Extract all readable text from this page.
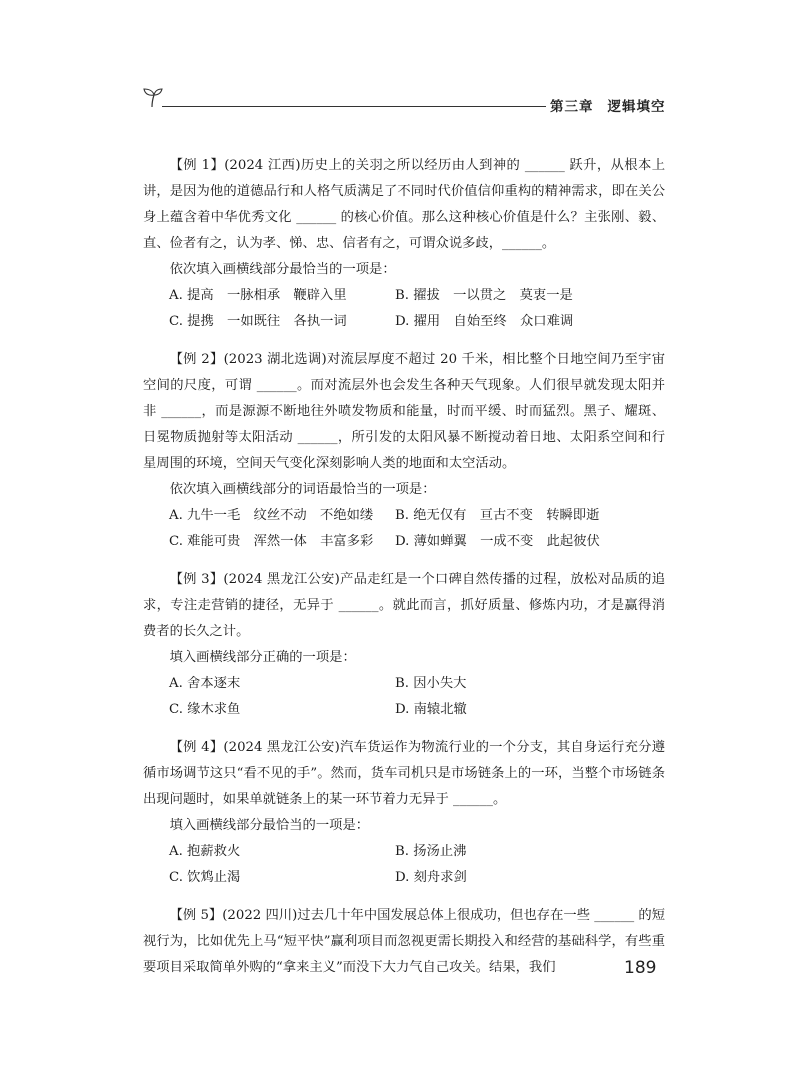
第三章 逻辑填空
【例 1】(2024 江西)历史上的关羽之所以经历由人到神的 ______ 跃升，从根本上讲，是因为他的道德品行和人格气质满足了不同时代价值信仰重构的精神需求，即在关公身上蕴含着中华优秀文化 ______ 的核心价值。那么这种核心价值是什么？主张刚、毅、直、俭者有之，认为孝、悌、忠、信者有之，可谓众说多歧，______。
依次填入画横线部分最恰当的一项是：
A. 提高　一脉相承　鞭辟入里	B. 擢拔　一以贯之　莫衷一是
C. 提携　一如既往　各执一词	D. 擢用　自始至终　众口难调
【例 2】(2023 湖北选调)对流层厚度不超过 20 千米，相比整个日地空间乃至宇宙空间的尺度，可谓 ______。而对流层外也会发生各种天气现象。人们很早就发现太阳并非 ______，而是源源不断地往外喷发物质和能量，时而平缓、时而猛烈。黑子、耀斑、日冕物质抛射等太阳活动 ______，所引发的太阳风暴不断搅动着日地、太阳系空间和行星周围的环境，空间天气变化深刻影响人类的地面和太空活动。
依次填入画横线部分的词语最恰当的一项是：
A. 九牛一毛　纹丝不动　不绝如缕	B. 绝无仅有　亘古不变　转瞬即逝
C. 难能可贵　浑然一体　丰富多彩	D. 薄如蝉翼　一成不变　此起彼伏
【例 3】(2024 黑龙江公安)产品走红是一个口碑自然传播的过程，放松对品质的追求，专注走营销的捷径，无异于 ______。就此而言，抓好质量、修炼内功，才是赢得消费者的长久之计。
填入画横线部分正确的一项是：
A. 舍本逐末	B. 因小失大
C. 缘木求鱼	D. 南辕北辙
【例 4】(2024 黑龙江公安)汽车货运作为物流行业的一个分支，其自身运行充分遵循市场调节这只“看不见的手”。然而，货车司机只是市场链条上的一环，当整个市场链条出现问题时，如果单就链条上的某一环节着力无异于 ______。
填入画横线部分最恰当的一项是：
A. 抱薪救火	B. 扬汤止沸
C. 饮鸩止渴	D. 刻舟求剑
【例 5】(2022 四川)过去几十年中国发展总体上很成功，但也存在一些 ______ 的短视行为，比如优先上马“短平快”赢利项目而忽视更需长期投入和经营的基础科学，有些重要项目采取简单外购的“拿来主义”而没下大力气自己攻关。结果，我们	189
